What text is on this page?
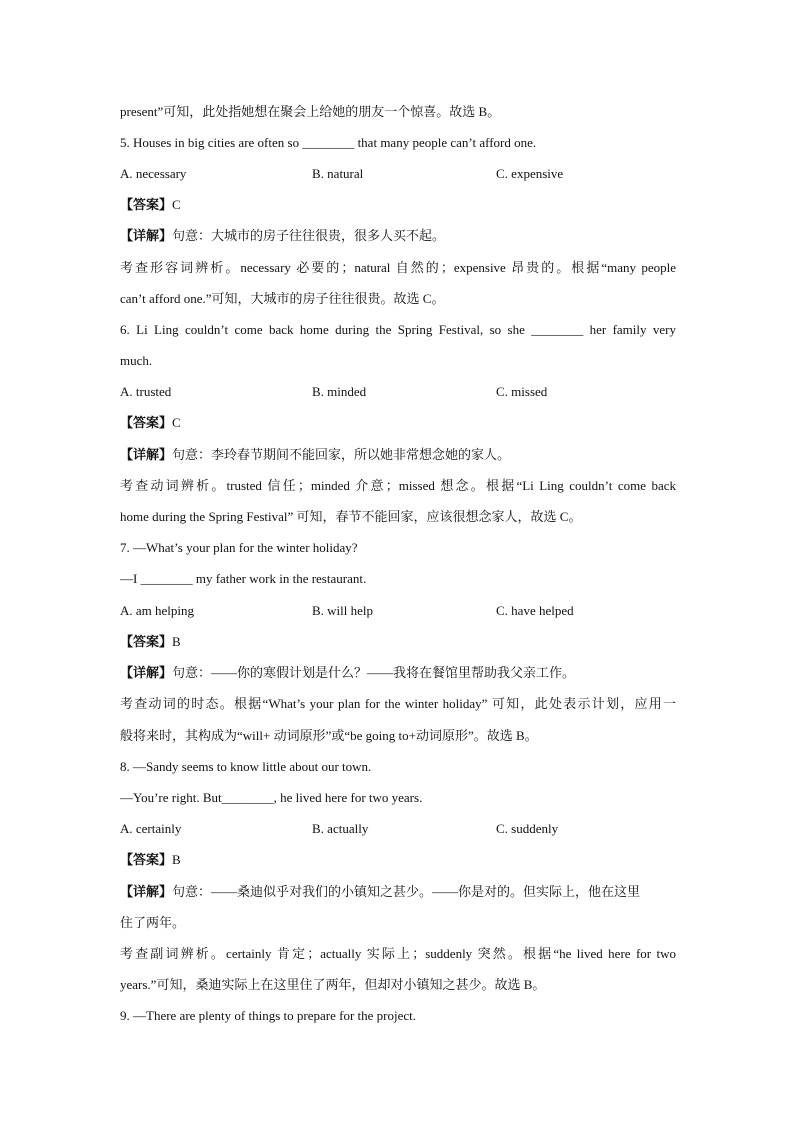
present”可知，此处指她想在聚会上给她的朋友一个惊喜。故选 B。
5. Houses in big cities are often so ________ that many people can’t afford one.
A. necessary	B. natural	C. expensive
【答案】C
【详解】句意：大城市的房子往往很贵，很多人买不起。
考查形容词辨析。necessary 必要的；natural 自然的；expensive 昂贵的。根据“many people
can’t afford one.”可知，大城市的房子往往很贵。故选 C。
6. Li Ling couldn’t come back home during the Spring Festival, so she ________ her family very
much.
A. trusted	B. minded	C. missed
【答案】C
【详解】句意：李玲春节期间不能回家，所以她非常想念她的家人。
考查动词辨析。trusted 信任；minded 介意；missed 想念。根据“Li Ling couldn’t come back
home during the Spring Festival” 可知，春节不能回家，应该很想念家人，故选 C。
7. —What’s your plan for the winter holiday?
—I ________ my father work in the restaurant.
A. am helping	B. will help	C. have helped
【答案】B
【详解】句意：——你的寒假计划是什么？——我将在餐馆里帮助我父亲工作。
考查动词的时态。根据“What’s your plan for the winter holiday” 可知，此处表示计划，应用一
般将来时，其构成为“will+ 动词原形”或“be going to+动词原形”。故选 B。
8. —Sandy seems to know little about our town.
—You’re right. But________, he lived here for two years.
A. certainly	B. actually	C. suddenly
【答案】B
【详解】句意：——桑迪似乎对我们的小镇知之甚少。——你是对的。但实际上，他在这里
住了两年。
考查副词辨析。certainly 肯定；actually 实际上；suddenly 突然。根据“he lived here for two
years.”可知，桑迪实际上在这里住了两年，但却对小镇知之甚少。故选 B。
9. —There are plenty of things to prepare for the project.
